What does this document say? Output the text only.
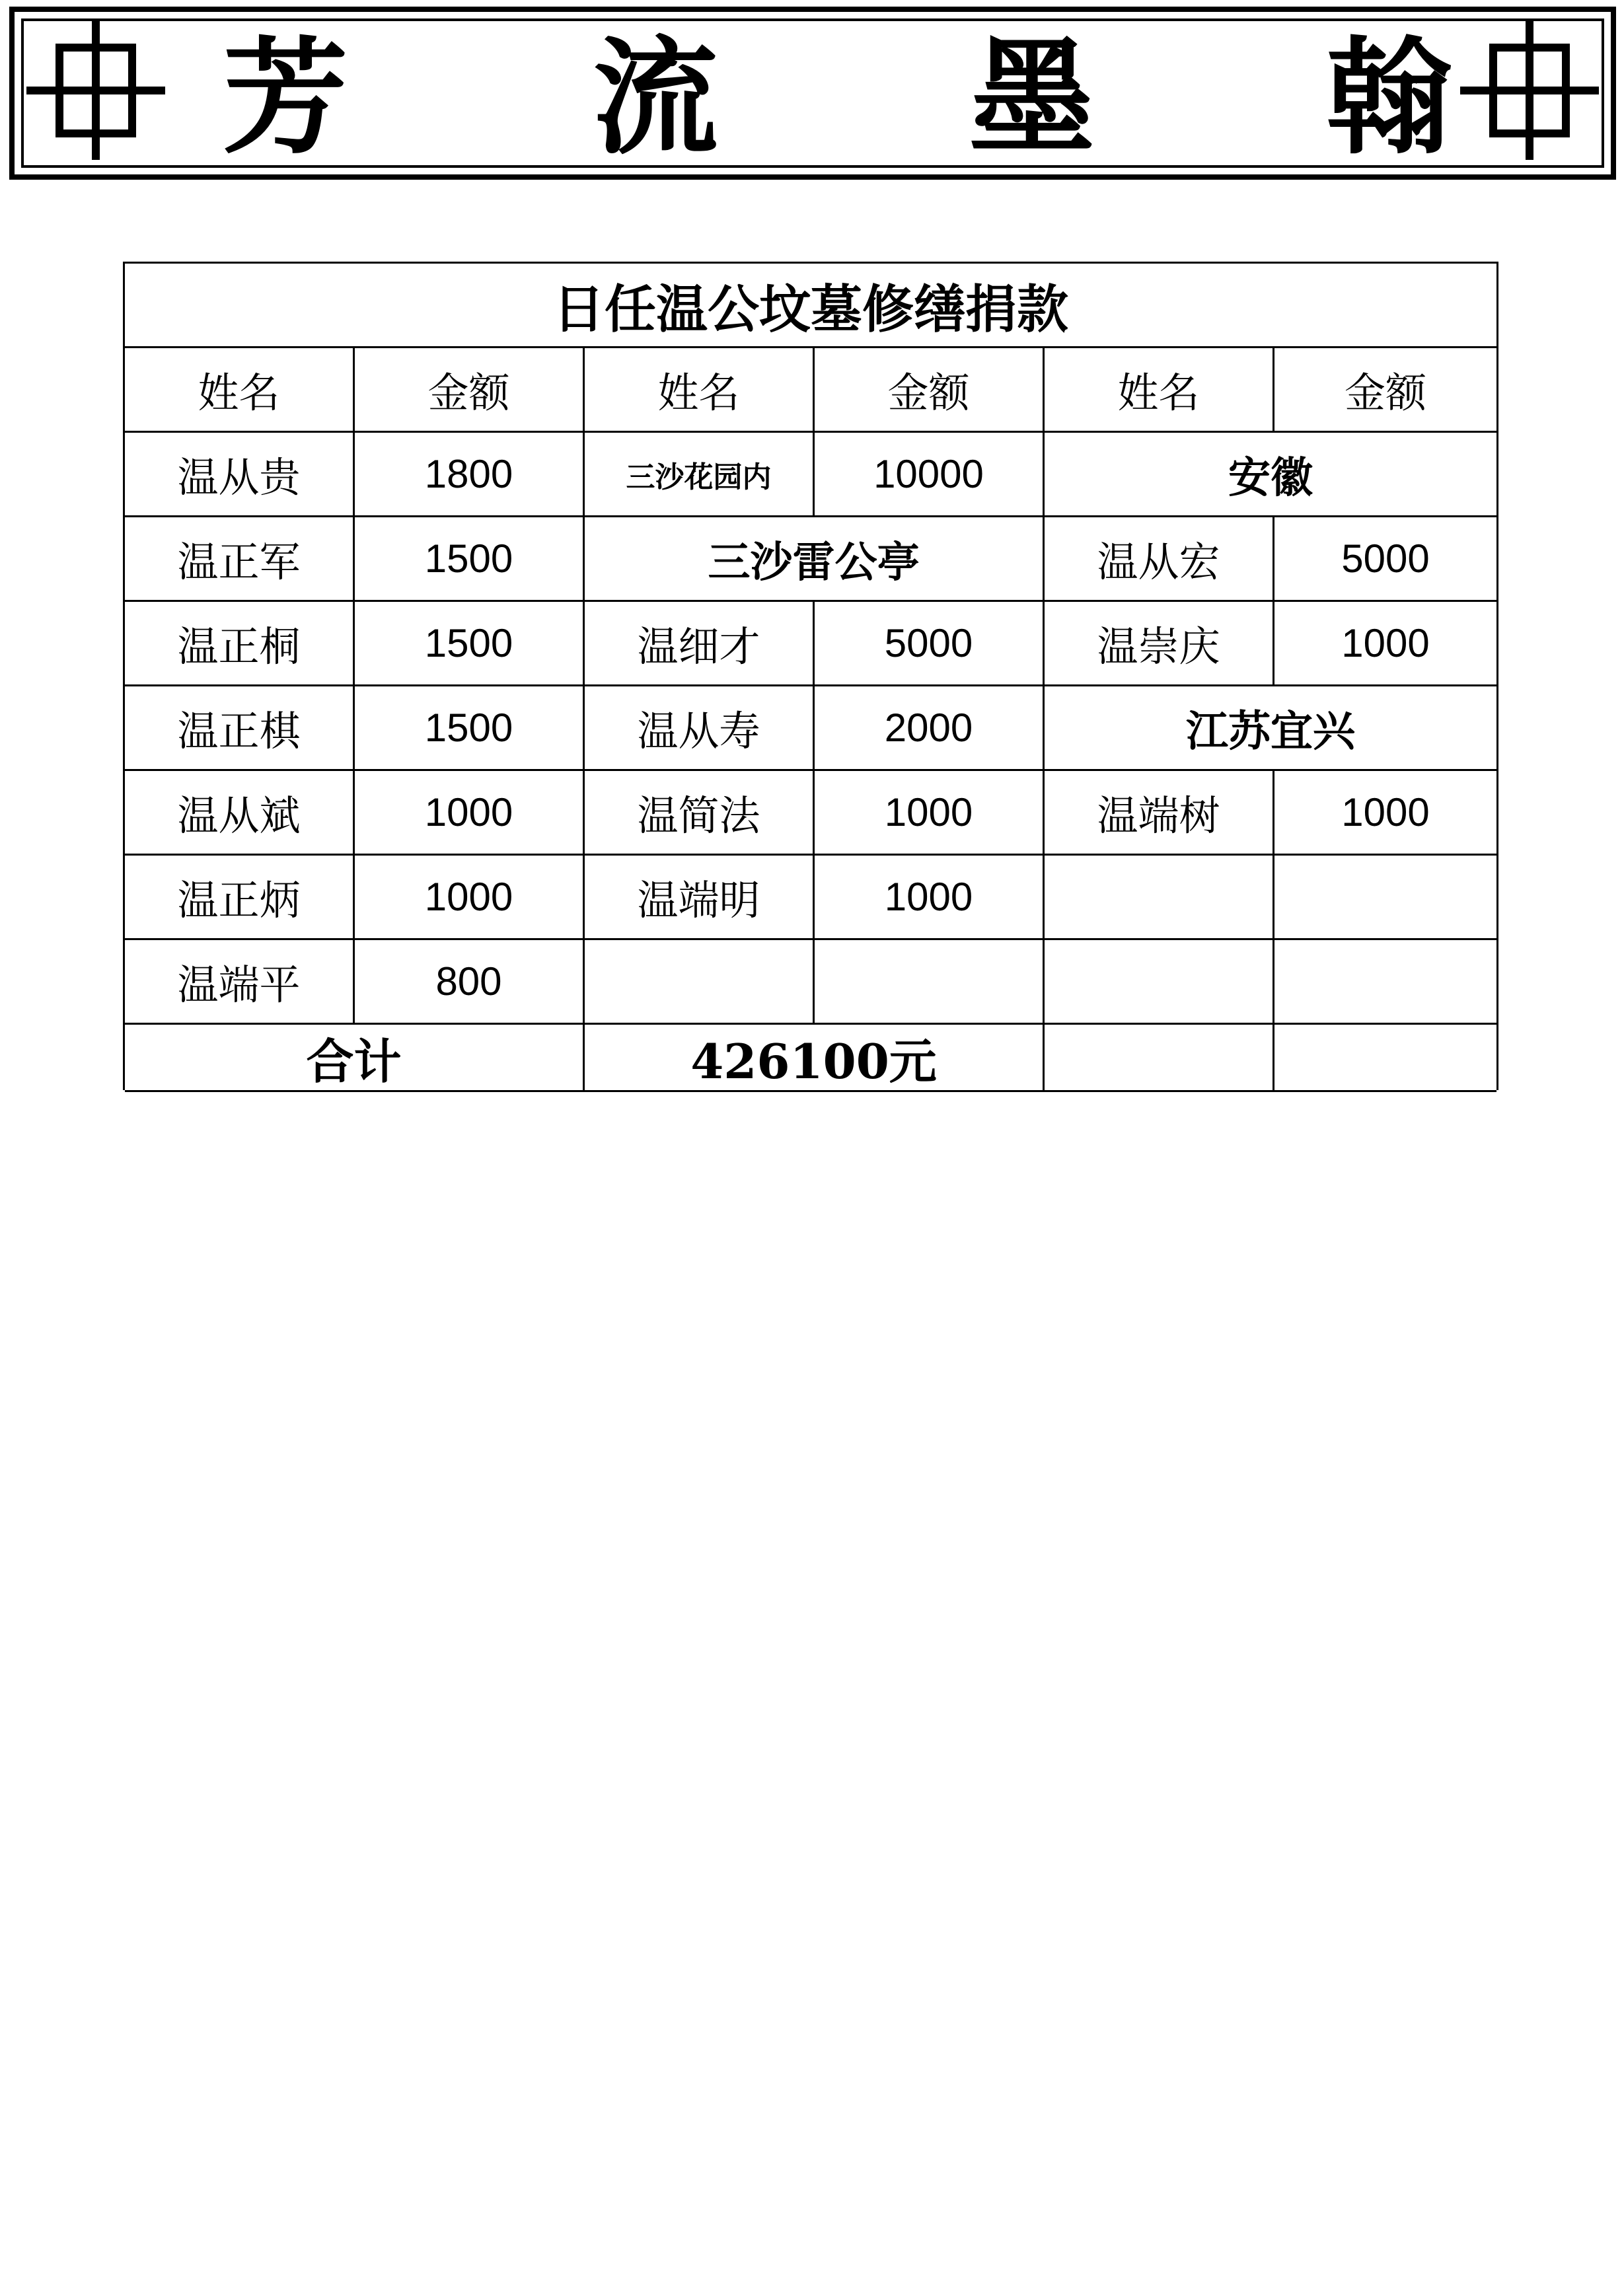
芳 流 墨 翰
日任温公坟墓修缮捐款
姓名	金额	姓名	金额	姓名	金额
温从贵	1800	三沙花园内	10000	安徽
温正军	1500	三沙雷公亭	温从宏	5000
温正桐	1500	温细才	5000	温崇庆	1000
温正棋	1500	温从寿	2000	江苏宜兴
温从斌	1000	温简法	1000	温端树	1000
温正炳	1000	温端明	1000
温端平	800
合计	426100元
